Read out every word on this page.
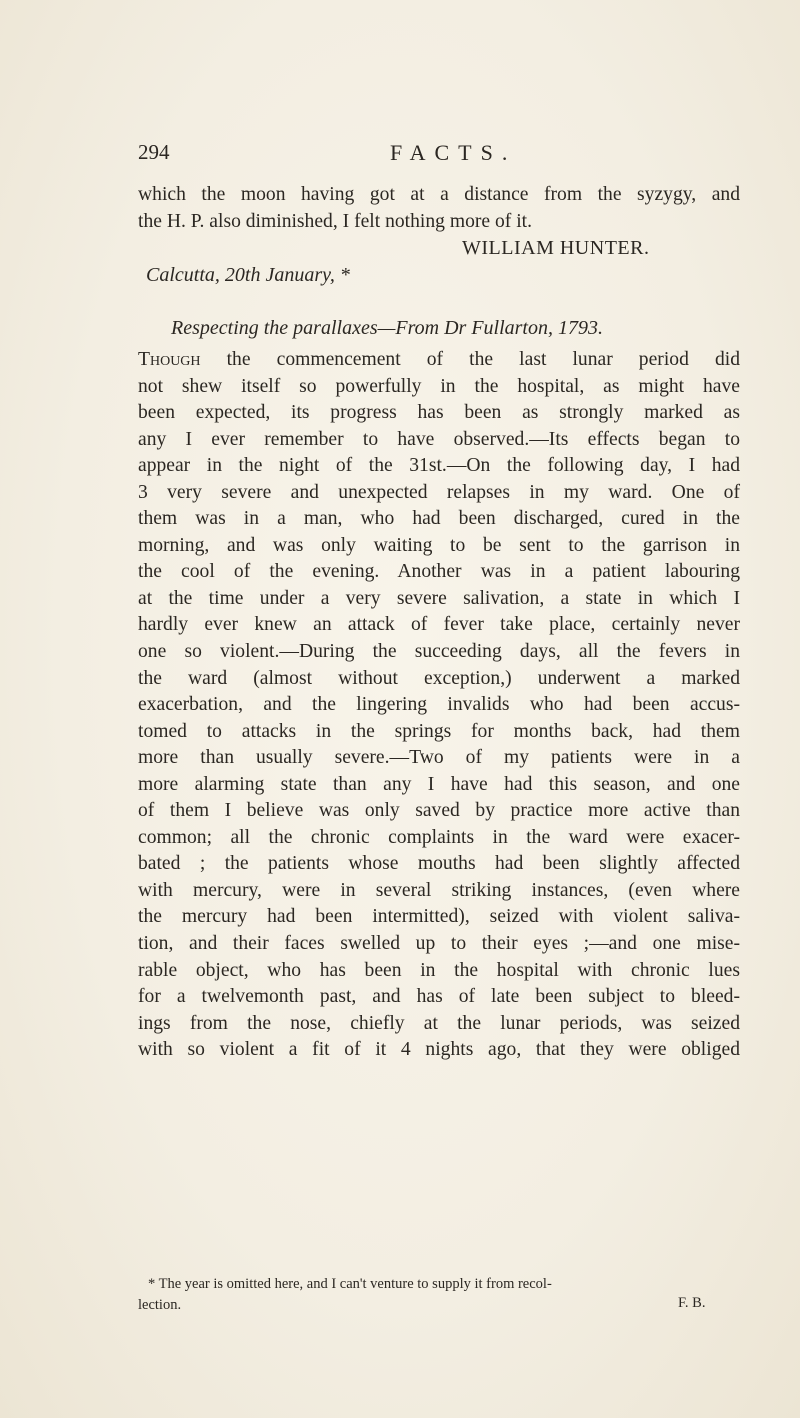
294	FACTS.
which the moon having got at a distance from the syzygy, and
the H. P. also diminished, I felt nothing more of it.
WILLIAM HUNTER.
Calcutta, 20th January, *
Respecting the parallaxes—From Dr Fullarton, 1793.
Though the commencement of the last lunar period did
not shew itself so powerfully in the hospital, as might have
been expected, its progress has been as strongly marked as
any I ever remember to have observed.—Its effects began to
appear in the night of the 31st.—On the following day, I had
3 very severe and unexpected relapses in my ward. One of
them was in a man, who had been discharged, cured in the
morning, and was only waiting to be sent to the garrison in
the cool of the evening. Another was in a patient labouring
at the time under a very severe salivation, a state in which I
hardly ever knew an attack of fever take place, certainly never
one so violent.—During the succeeding days, all the fevers in
the ward (almost without exception,) underwent a marked
exacerbation, and the lingering invalids who had been accus-
tomed to attacks in the springs for months back, had them
more than usually severe.—Two of my patients were in a
more alarming state than any I have had this season, and one
of them I believe was only saved by practice more active than
common; all the chronic complaints in the ward were exacer-
bated ; the patients whose mouths had been slightly affected
with mercury, were in several striking instances, (even where
the mercury had been intermitted), seized with violent saliva-
tion, and their faces swelled up to their eyes ;—and one mise-
rable object, who has been in the hospital with chronic lues
for a twelvemonth past, and has of late been subject to bleed-
ings from the nose, chiefly at the lunar periods, was seized
with so violent a fit of it 4 nights ago, that they were obliged
* The year is omitted here, and I can't venture to supply it from recol-
lection.	F. B.
